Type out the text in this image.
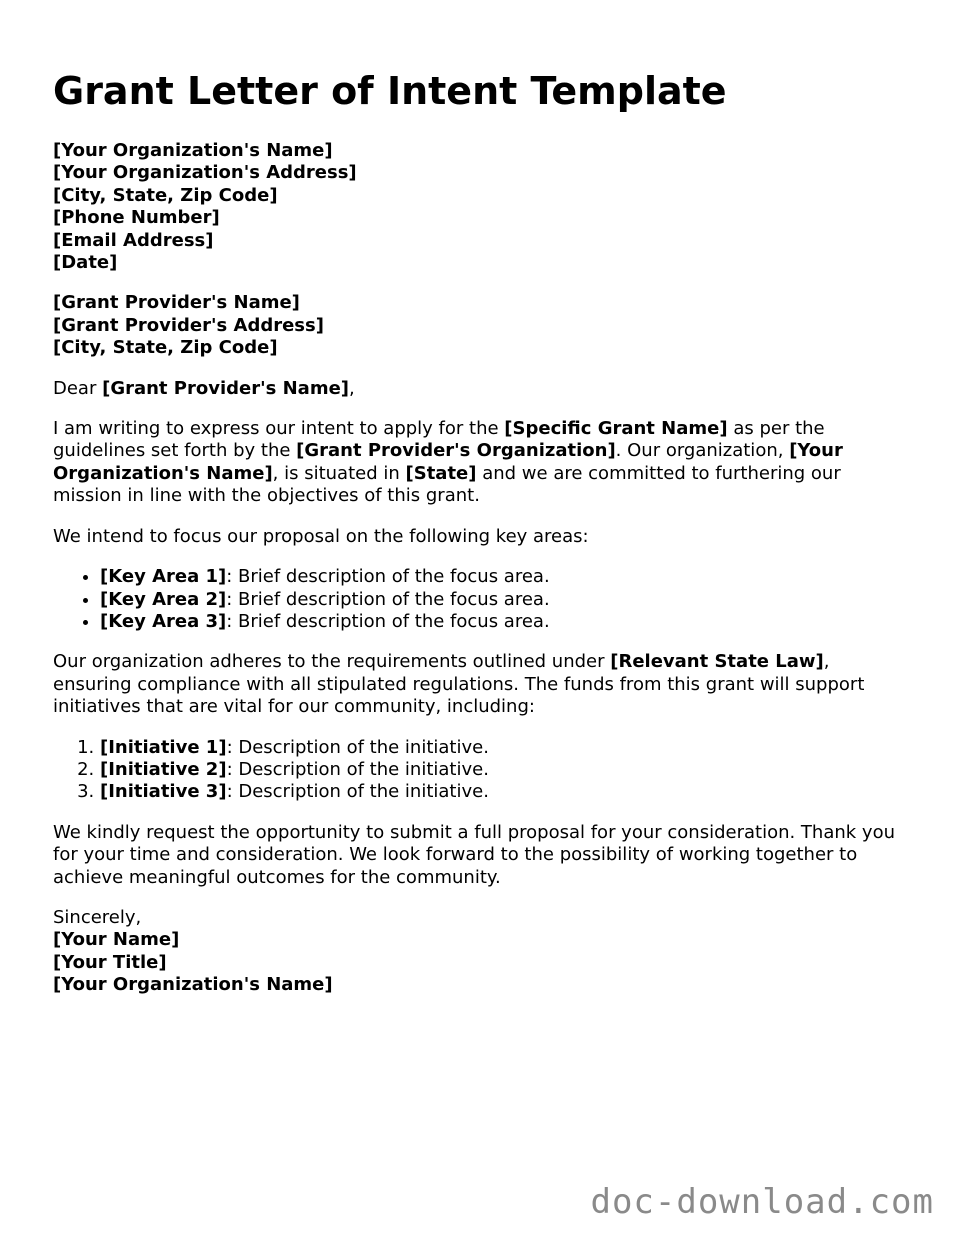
Grant Letter of Intent Template
[Your Organization's Name]
[Your Organization's Address]
[City, State, Zip Code]
[Phone Number]
[Email Address]
[Date]
[Grant Provider's Name]
[Grant Provider's Address]
[City, State, Zip Code]

Dear [Grant Provider's Name],

I am writing to express our intent to apply for the [Specific Grant Name] as per the guidelines set forth by the [Grant Provider's Organization]. Our organization, [Your Organization's Name], is situated in [State] and we are committed to furthering our mission in line with the objectives of this grant.

We intend to focus our proposal on the following key areas:

• [Key Area 1]: Brief description of the focus area.
• [Key Area 2]: Brief description of the focus area.
• [Key Area 3]: Brief description of the focus area.

Our organization adheres to the requirements outlined under [Relevant State Law], ensuring compliance with all stipulated regulations. The funds from this grant will support initiatives that are vital for our community, including:

1. [Initiative 1]: Description of the initiative.
2. [Initiative 2]: Description of the initiative.
3. [Initiative 3]: Description of the initiative.

We kindly request the opportunity to submit a full proposal for your consideration. Thank you for your time and consideration. We look forward to the possibility of working together to achieve meaningful outcomes for the community.

Sincerely,
[Your Name]
[Your Title]
[Your Organization's Name]
doc-download.com
